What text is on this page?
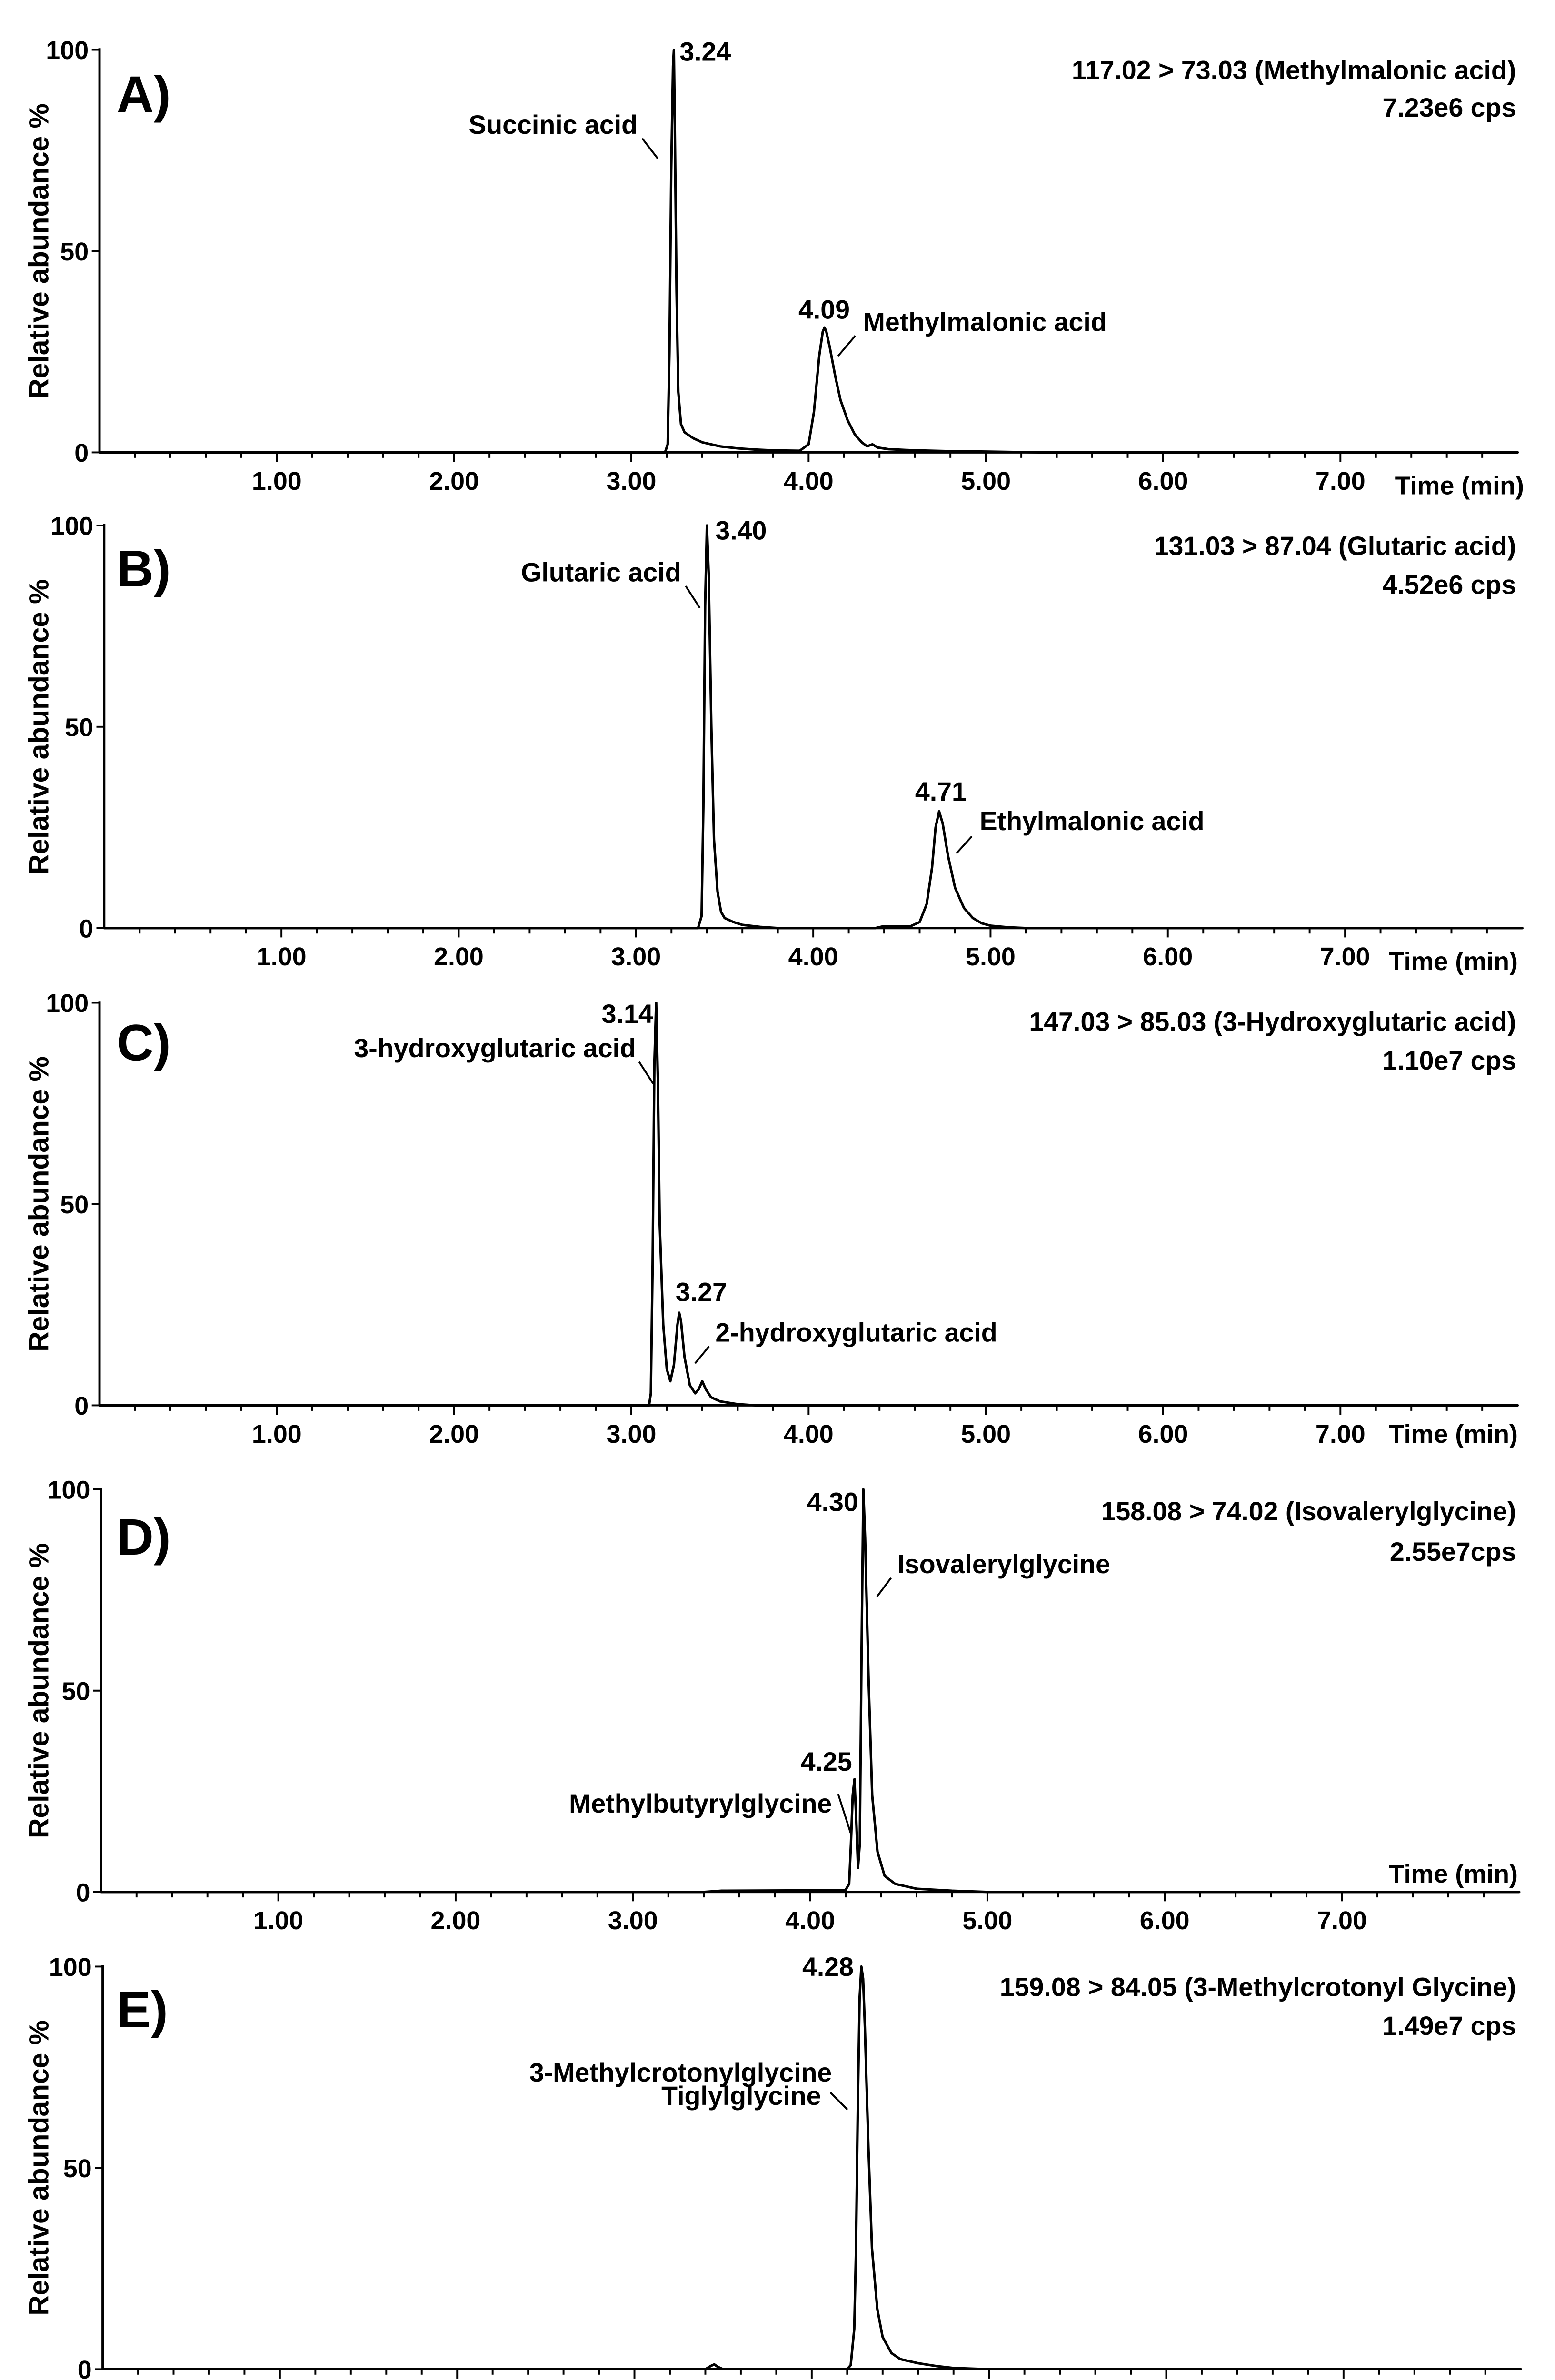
Relative abundance %
0
50
100
1.00	2.00	3.00	4.00	5.00	6.00	7.00	Time (min)
A)	117.02 > 73.03 (Methylmalonic acid)
7.23e6 cps
3.24
Succinic acid
4.09 Methylmalonic acid
Relative abundance %
0
50
100
1.00	2.00	3.00	4.00	5.00	6.00	7.00 Time (min)
B)	131.03 > 87.04 (Glutaric acid)
4.52e6 cps
3.40
Glutaric acid
4.71
Ethylmalonic acid
Relative abundance %
0
50
100
1.00	2.00	3.00	4.00	5.00	6.00	7.00	Time (min)
C)	147.03 > 85.03 (3-Hydroxyglutaric acid)
1.10e7 cps
3.14
3-hydroxyglutaric acid
3.27
2-hydroxyglutaric acid
Relative abundance %
0
50
100
1.00	2.00	3.00	4.00	5.00	6.00	7.00
Time (min)
D)	158.08 > 74.02 (Isovalerylglycine)
2.55e7cps
4.30
Isovalerylglycine
4.25
Methylbutyrylglycine
Relative abundance %
0
50
100
E)	159.08 > 84.05 (3-Methylcrotonyl Glycine)
1.49e7 cps
4.28
3-Methylcrotonylglycine
Tiglylglycine
